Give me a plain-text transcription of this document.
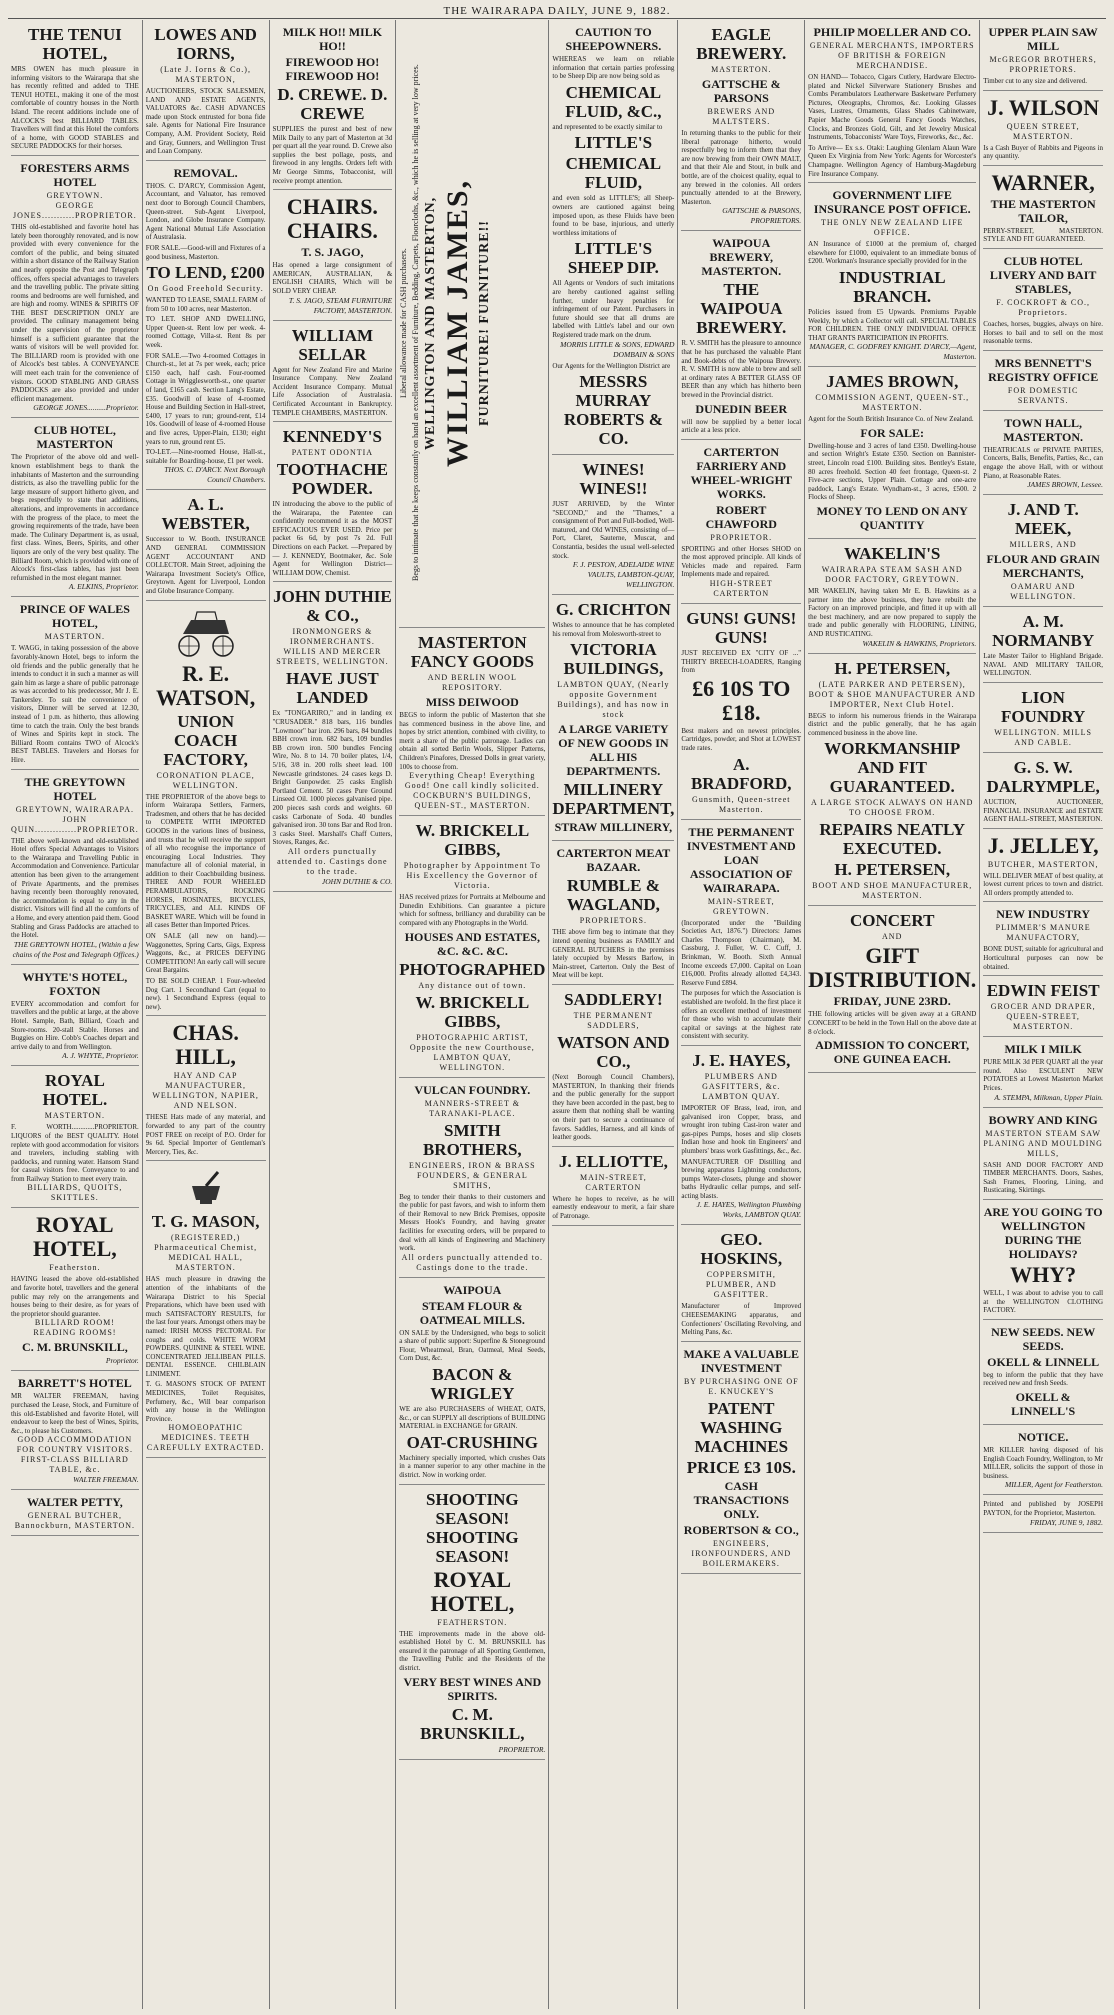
THE WAIRARAPA DAILY, JUNE 9, 1882.
THE TENUI HOTEL,
MRS OWEN has much pleasure in informing visitors to the Wairarapa that she has recently refitted and added to THE TENUI HOTEL, making it one of the most comfortable of country houses in the North Island. The recent additions include one of ALCOCK'S best BILLIARD TABLES. Travellers will find at this Hotel the comforts of a home, with GOOD STABLES and SECURE PADDOCKS for their horses.
FORESTERS ARMS HOTEL
GREYTOWN.
GEORGE JONES...........PROPRIETOR.
THIS old-established and favorite hotel has lately been thoroughly renovated, and is now provided with every convenience for the comfort of the public, and being situated within a short distance of the Railway Station and nearly opposite the Post and Telegraph offices, offers special advantages to travelers and the travelling public. The private sitting rooms and bedrooms are well furnished, and are high and roomy. WINES & SPIRITS OF THE BEST DESCRIPTION ONLY are provided. The culinary management being under the supervision of the proprietor himself is a sufficient guarantee that the wants of visitors will be well provided for. The BILLIARD room is provided with one of Alcock's best tables. A CONVEYANCE will meet each train for the convenience of visitors. GOOD STABLING AND GRASS PADDOCKS are also provided and under efficient management.
GEORGE JONES..........Proprietor.
CLUB HOTEL, MASTERTON
The Proprietor of the above old and well-known establishment begs to thank the inhabitants of Masterton and the surrounding districts, as also the travelling public for the large measure of support hitherto given, and begs respectfully to state that additions, alterations, and improvements in accordance with the progress of the place, to meet the growing requirements of the trade, have been made. The Culinary Department is, as usual, first class. Wines, Beers, Spirits, and other liquors are only of the very best quality. The Billiard Room, which is provided with one of Alcock's first-class tables, has just been refurnished in the most elegant manner.
A. ELKINS, Proprietor.
PRINCE OF WALES HOTEL,
MASTERTON.
T. WAGG, in taking possession of the above favorably-known Hotel, begs to inform the old friends and the public generally that he intends to conduct it in such a manner as will gain him as large a share of public patronage as was accorded to his predecessor, Mr J. E. Tankersley. To suit the convenience of visitors, Dinner will be served at 12.30, instead of 1 p.m. as hitherto, thus allowing time to catch the train. Only the best brands of Wines and Spirits kept in stock. The Billiard Room contains TWO of Alcock's BEST TABLES. Travelers and Horses for Hire.
THE GREYTOWN HOTEL
GREYTOWN, WAIRARAPA.
JOHN QUIN..............PROPRIETOR.
THE above well-known and old-established Hotel offers Special Advantages to Visitors to the Wairarapa and Travelling Public in Accommodation and Convenience. Particular attention has been given to the arrangement of Private Apartments, and the premises having recently been thoroughly renovated, the accommodation is equal to any in the district. Visitors will find all the comforts of a Home, and every attention paid them. Good Stabling and Grass Paddocks are attached to the Hotel.
THE GREYTOWN HOTEL, (Within a few chains of the Post and Telegraph Offices.)
WHYTE'S HOTEL, FOXTON
EVERY accommodation and comfort for travellers and the public at large, at the above Hotel. Sample, Bath, Billiard, Coach and Store-rooms. 20-stall Stable. Horses and Buggies on Hire. Cobb's Coaches depart and arrive daily to and from Wellington.
A. J. WHYTE, Proprietor.
ROYAL HOTEL.
MASTERTON.
F. WORTH.............PROPRIETOR. LIQUORS of the BEST QUALITY. Hotel replete with good accommodation for visitors and travelers, including stabling with paddocks, and running water. Hansom Stand for casual visitors free. Conveyance to and from Railway Station to meet every train.
BILLIARDS, QUOITS, SKITTLES.
ROYAL HOTEL,
Featherston.
HAVING leased the above old-established and favorite hotel, travellers and the general public may rely on the arrangements and houses being to their desire, as for years of the proprietor should guarantee.
BILLIARD ROOM!
READING ROOMS!
C. M. BRUNSKILL,
Proprietor.
BARRETT'S HOTEL
MR WALTER FREEMAN, having purchased the Lease, Stock, and Furniture of this old-Established and favorite Hotel, will endeavour to keep the best of Wines, Spirits, &c., to please his Customers.
GOOD ACCOMMODATION FOR COUNTRY VISITORS.
FIRST-CLASS BILLIARD TABLE, &c.
WALTER FREEMAN.
WALTER PETTY,
GENERAL BUTCHER, Bannockburn, MASTERTON.
LOWES AND IORNS,
(Late J. Iorns & Co.), MASTERTON,
AUCTIONEERS, STOCK SALESMEN, LAND AND ESTATE AGENTS, VALUATORS &c. CASH ADVANCES made upon Stock entrusted for bona fide sale. Agents for National Fire Insurance Company, A.M. Provident Society, Reid and Gray, Gunners, and Wellington Trust and Loan Company.
REMOVAL.
THOS. C. D'ARCY, Commission Agent, Accountant, and Valuator, has removed next door to Borough Council Chambers, Queen-street. Sub-Agent Liverpool, London, and Globe Insurance Company. Agent National Mutual Life Association of Australasia.
FOR SALE.—Good-will and Fixtures of a good business, Masterton.
TO LEND, £200
On Good Freehold Security.
WANTED TO LEASE, SMALL FARM of from 50 to 100 acres, near Masterton.
TO LET. SHOP AND DWELLING, Upper Queen-st. Rent low per week. 4-roomed Cottage, Villa-st. Rent 8s per week.
FOR SALE.—Two 4-roomed Cottages in Church-st., let at 7s per week, each; price £150 each, half cash. Four-roomed Cottage in Wrigglesworth-st., one quarter of land, £165 cash. Section Lang's Estate, £35. Goodwill of lease of 4-roomed House and Building Section in Hall-street, £400, 17 years to run; ground-rent, £14 10s. Goodwill of lease of 4-roomed House and five acres, Upper-Plain, £130; eight years to run, ground rent £5.
TO-LET.—Nine-roomed House, Hall-st., suitable for Boarding-house, £1 per week.
THOS. C. D'ARCY. Next Borough Council Chambers.
A. L. WEBSTER,
Successor to W. Booth. INSURANCE AND GENERAL COMMISSION AGENT ACCOUNTANT AND COLLECTOR. Main Street, adjoining the Wairarapa Investment Society's Office, Greytown. Agent for Liverpool, London and Globe Insurance Company.
R. E. WATSON,
UNION COACH FACTORY,
CORONATION PLACE, WELLINGTON.
THE PROPRIETOR of the above begs to inform Wairarapa Settlers, Farmers, Tradesmen, and others that he has decided to COMPETE WITH IMPORTED GOODS in the various lines of business, and trusts that he will receive the support of all who recognise the importance of encouraging Local Industries. They manufacture all of colonial material, in addition to their Coachbuilding business. THREE AND FOUR WHEELED PERAMBULATORS, ROCKING HORSES, ROSINATES, BICYCLES, TRICYCLES, and ALL KINDS OF BASKET WARE. Which will be found in all cases Better than Imported Prices.
ON SALE (all new on hand).—Waggonettes, Spring Carts, Gigs, Express Waggons, &c., at PRICES DEFYING COMPETITION! An early call will secure Great Bargains.
TO BE SOLD CHEAP. 1 Four-wheeled Dog Cart. 1 Secondhand Cart (equal to new). 1 Secondhand Express (equal to new).
CHAS. HILL,
HAY AND CAP MANUFACTURER, WELLINGTON, NAPIER, AND NELSON.
THESE Hats made of any material, and forwarded to any part of the country POST FREE on receipt of P.O. Order for 9s 6d. Special Importer of Gentleman's Mercery, Ties, &c.
T. G. MASON,
(REGISTERED,) Pharmaceutical Chemist, MEDICAL HALL, MASTERTON.
HAS much pleasure in drawing the attention of the inhabitants of the Wairarapa District to his Special Preparations, which have been used with much SATISFACTORY RESULTS, for the last four years. Amongst others may be named: IRISH MOSS PECTORAL For coughs and colds. WHITE WORM POWDERS. QUININE & STEEL WINE. CONCENTRATED JELLIBEAN PILLS. DENTAL ESSENCE. CHILBLAIN LINIMENT.
T. G. MASON'S STOCK OF PATENT MEDICINES, Toilet Requisites, Perfumery, &c., Will bear comparison with any house in the Wellington Province.
HOMOEOPATHIC MEDICINES. TEETH CAREFULLY EXTRACTED.
MILK HO!! MILK HO!!
FIREWOOD HO! FIREWOOD HO!
D. CREWE. D. CREWE
SUPPLIES the purest and best of new Milk Daily to any part of Masterton at 3d per quart all the year round. D. Crewe also supplies the best pollage, posts, and firewood in any lengths. Orders left with Mr George Simms, Tobacconist, will receive prompt attention.
CHAIRS. CHAIRS.
T. S. JAGO,
Has opened a large consignment of AMERICAN, AUSTRALIAN, & ENGLISH CHAIRS, Which will be SOLD VERY CHEAP.
T. S. JAGO, STEAM FURNITURE FACTORY, MASTERTON.
WILLIAM SELLAR
Agent for New Zealand Fire and Marine Insurance Company. New Zealand Accident Insurance Company. Mutual Life Association of Australasia. Certificated Accountant in Bankruptcy. TEMPLE CHAMBERS, MASTERTON.
KENNEDY'S
PATENT ODONTIA
TOOTHACHE POWDER.
IN introducing the above to the public of the Wairarapa, the Patentee can confidently recommend it as the MOST EFFICACIOUS EVER USED. Price per packet 6s 6d, by post 7s 2d. Full Directions on each Packet. —Prepared by— J. KENNEDY, Bootmaker, &c. Sole Agent for Wellington District— WILLIAM DOW, Chemist.
JOHN DUTHIE & CO.,
IRONMONGERS & IRONMERCHANTS. WILLIS AND MERCER STREETS, WELLINGTON.
HAVE JUST LANDED
Ex "TONGARIRO," and in landing ex "CRUSADER." 818 bars, 116 bundles "Lowmoor" bar iron. 296 bars, 84 bundles BBH crown iron. 682 bars, 109 bundles BB crown iron. 500 bundles Fencing Wire, No. 8 to 14. 70 boiler plates, 1/4, 5/16, 3/8 in. 200 rolls sheet lead. 100 Newcastle grindstones. 24 cases kegs D. Bright Gunpowder. 25 casks English Portland Cement. 50 cases Pure Ground Linseed Oil. 1000 pieces galvanised pipe. 200 pieces sash cords and weights. 60 casks Carbonate of Soda. 40 bundles galvanised iron. 30 tons Bar and Rod Iron. 3 casks Steel. Marshall's Chaff Cutters, Stoves, Ranges, &c.
All orders punctually attended to. Castings done to the trade.
JOHN DUTHIE & CO.
Liberal allowance made for CASH purchasers. Begs to intimate that he keeps constantly on hand an excellent assortment of Furniture, Bedding, Carpets, Floorcloths, &c., which he is selling at very low prices. WELLINGTON AND MASTERTON, WILLIAM JAMES, FURNITURE! FURNITURE!!
MASTERTON FANCY GOODS
AND BERLIN WOOL REPOSITORY.
MISS DEIWOOD
BEGS to inform the public of Masterton that she has commenced business in the above line, and hopes by strict attention, combined with civility, to merit a share of the public patronage. Ladies can obtain all sorted Berlin Wools, Slipper Patterns, Children's Pinafores, Dressed Dolls in great variety, 100s to choose from.
Everything Cheap! Everything Good! One call kindly solicited. COCKBURN'S BUILDINGS, QUEEN-ST., MASTERTON.
W. BRICKELL GIBBS,
Photographer by Appointment To His Excellency the Governor of Victoria.
HAS received prizes for Portraits at Melbourne and Dunedin Exhibitions. Can guarantee a picture which for softness, brilliancy and durability can be compared with any Photographs in the World.
HOUSES AND ESTATES, &C. &C. &C.
PHOTOGRAPHED
Any distance out of town.
W. BRICKELL GIBBS,
PHOTOGRAPHIC ARTIST, Opposite the new Courthouse, LAMBTON QUAY, WELLINGTON.
VULCAN FOUNDRY.
MANNERS-STREET & TARANAKI-PLACE.
SMITH BROTHERS,
ENGINEERS, IRON & BRASS FOUNDERS, & GENERAL SMITHS,
Beg to tender their thanks to their customers and the public for past favors, and wish to inform them of their Removal to new Brick Premises, opposite Messrs Hook's Foundry, and having greater facilities for executing orders, will be prepared to deal with all kinds of Engineering and Machinery work.
All orders punctually attended to. Castings done to the trade.
WAIPOUA
STEAM FLOUR & OATMEAL MILLS.
ON SALE by the Undersigned, who begs to solicit a share of public support: Superfine & Stoneground Flour, Wheatmeal, Bran, Oatmeal, Meal Seeds, Corn Dust, &c.
BACON & WRIGLEY
WE are also PURCHASERS of WHEAT, OATS, &c., or can SUPPLY all descriptions of BUILDING MATERIAL in EXCHANGE for GRAIN.
OAT-CRUSHING
Machinery specially imported, which crushes Oats in a manner superior to any other machine in the district. Now in working order.
SHOOTING SEASON! SHOOTING SEASON!
ROYAL HOTEL,
FEATHERSTON.
THE improvements made in the above old-established Hotel by C. M. BRUNSKILL has ensured it the patronage of all Sporting Gentlemen, the Travelling Public and the Residents of the district.
VERY BEST WINES AND SPIRITS.
C. M. BRUNSKILL,
PROPRIETOR.
CAUTION TO SHEEPOWNERS.
WHEREAS we learn on reliable information that certain parties professing to be Sheep Dip are now being sold as
CHEMICAL FLUID, &C.,
and represented to be exactly similar to
LITTLE'S
CHEMICAL FLUID,
and even sold as LITTLE'S; all Sheep-owners are cautioned against being imposed upon, as these Fluids have been found to be base, injurious, and utterly worthless imitations of
LITTLE'S SHEEP DIP.
All Agents or Vendors of such imitations are hereby cautioned against selling further, under heavy penalties for infringement of our Patent. Purchasers in future should see that all drums are labelled with Little's label and our own Registered trade mark on the drum.
MORRIS LITTLE & SONS, EDWARD DOMBAIN & SONS
Our Agents for the Wellington District are
MESSRS MURRAY ROBERTS & CO.
WINES! WINES!!
JUST ARRIVED, by the Winter "SECOND," and the "Thames," a consignment of Port and Full-bodied, Well-matured, and Old WINES, consisting of—Port, Claret, Sauterne, Muscat, and Constantia, besides the usual well-selected stock.
F. J. PESTON, ADELAIDE WINE VAULTS, LAMBTON-QUAY, WELLINGTON.
G. CRICHTON
Wishes to announce that he has completed his removal from Molesworth-street to
VICTORIA BUILDINGS,
LAMBTON QUAY, (Nearly opposite Government Buildings), and has now in stock
A LARGE VARIETY OF NEW GOODS IN ALL HIS DEPARTMENTS.
MILLINERY DEPARTMENT,
STRAW MILLINERY,
CARTERTON MEAT BAZAAR.
RUMBLE & WAGLAND,
PROPRIETORS.
THE above firm beg to intimate that they intend opening business as FAMILY and GENERAL BUTCHERS in the premises lately occupied by Messrs Barlow, in Main-street, Carterton. Only the Best of Meat will be kept.
SADDLERY!
THE PERMANENT SADDLERS,
WATSON AND CO.,
(Next Borough Council Chambers), MASTERTON, In thanking their friends and the public generally for the support they have been accorded in the past, beg to assure them that nothing shall be wanting on their part to secure a continuance of favors. Saddles, Harness, and all kinds of leather goods.
J. ELLIOTTE,
MAIN-STREET, CARTERTON
Where he hopes to receive, as he will earnestly endeavour to merit, a fair share of Patronage.
EAGLE BREWERY.
MASTERTON.
GATTSCHE & PARSONS
BREWERS AND MALTSTERS.
In returning thanks to the public for their liberal patronage hitherto, would respectfully beg to inform them that they are now brewing from their OWN MALT, and that their Ale and Stout, in bulk and bottle, are of the choicest quality, equal to any brewed in the colonies. All orders punctually attended to at the Brewery, Masterton.
GATTSCHE & PARSONS, PROPRIETORS.
WAIPOUA BREWERY, MASTERTON.
THE WAIPOUA BREWERY.
R. V. SMITH has the pleasure to announce that he has purchased the valuable Plant and Book-debts of the Waipoua Brewery. R. V. SMITH is now able to brew and sell at ordinary rates A BETTER GLASS OF BEER than any which has hitherto been brewed in the Provincial district.
DUNEDIN BEER
will now be supplied by a better local article at a less price.
CARTERTON FARRIERY AND WHEEL-WRIGHT WORKS.
ROBERT CHAWFORD
PROPRIETOR.
SPORTING and other Horses SHOD on the most approved principle. All kinds of Vehicles made and repaired. Farm Implements made and repaired.
HIGH-STREET CARTERTON
GUNS! GUNS! GUNS!
JUST RECEIVED EX "CITY OF ..." THIRTY BREECH-LOADERS, Ranging from
£6 10S TO £18.
Best makers and on newest principles. Cartridges, powder, and Shot at LOWEST trade rates.
A. BRADFORD,
Gunsmith, Queen-street Masterton.
THE PERMANENT INVESTMENT AND LOAN ASSOCIATION OF WAIRARAPA.
MAIN-STREET, GREYTOWN.
(Incorporated under the "Building Societies Act, 1876.") Directors: James Charles Thompson (Chairman), M. Cassburg, J. Fuller, W. C. Cuff, J. Brinkman, W. Booth. Sixth Annual Income exceeds £7,000. Capital on Loan £16,000. Profits already allotted £4,343. Reserve Fund £894.
The purposes for which the Association is established are twofold. In the first place it offers an excellent method of investment for those who wish to accumulate their capital or savings at the highest rate consistent with security.
J. E. HAYES,
PLUMBERS AND GASFITTERS, &c. LAMBTON QUAY.
IMPORTER OF Brass, lead, iron, and galvanised iron Copper, brass, and wrought iron tubing Cast-iron water and gas-pipes Pumps, hoses and slip closets Indian hose and hook tin Engineers' and plumbers' brass work Gasfittings, &c., &c.
MANUFACTURER OF Distilling and brewing apparatus Lightning conductors, pumps Water-closets, plunge and shower baths Hydraulic cellar pumps, and self-acting blasts.
J. E. HAYES, Wellington Plumbing Works, LAMBTON QUAY.
GEO. HOSKINS,
COPPERSMITH, PLUMBER, AND GASFITTER.
Manufacturer of Improved CHEESEMAKING apparatus, and Confectioners' Oscillating Revolving, and Melting Pans, &c.
MAKE A VALUABLE INVESTMENT
BY PURCHASING ONE OF E. KNUCKEY'S
PATENT WASHING MACHINES
PRICE £3 10S.
CASH TRANSACTIONS ONLY.
ROBERTSON & CO.,
ENGINEERS, IRONFOUNDERS, AND BOILERMAKERS.
PHILIP MOELLER AND CO.
GENERAL MERCHANTS, IMPORTERS OF BRITISH & FOREIGN MERCHANDISE.
ON HAND— Tobacco, Cigars Cutlery, Hardware Electro-plated and Nickel Silverware Stationery Brushes and Combs Perambulators Leatherware Basketware Perfumery Pictures, Oleographs, Chromos, &c. Looking Glasses Vases, Lustres, Ornaments, Glass Shades Cabinetware, Papier Mache Goods General Fancy Goods Watches, Clocks, and Bronzes Gold, Gilt, and Jet Jewelry Musical Instruments, Tobacconists' Ware Toys, Fireworks, &c., &c.
To Arrive— Ex s.s. Otaki: Laughing Glenlarn Alaun Ware Queen Ex Virginia from New York: Agents for Worcester's Champagne. Wellington Agency of Hamburg-Magdeburg Fire Insurance Company.
GOVERNMENT LIFE INSURANCE POST OFFICE.
THE ONLY NEW ZEALAND LIFE OFFICE.
AN Insurance of £1000 at the premium of, charged elsewhere for £1000, equivalent to an immediate bonus of £200. Workman's Insurance specially provided for in the
INDUSTRIAL BRANCH.
Policies issued from £5 Upwards. Premiums Payable Weekly, by which a Collector will call. SPECIAL TABLES FOR CHILDREN. THE ONLY INDIVIDUAL OFFICE THAT GRANTS PARTICIPATION IN PROFITS.
MANAGER, C. GODFREY KNIGHT. D'ARCY,—Agent, Masterton.
JAMES BROWN,
COMMISSION AGENT, QUEEN-ST., MASTERTON.
Agent for the South British Insurance Co. of New Zealand.
FOR SALE:
Dwelling-house and 3 acres of land £350. Dwelling-house and section Wright's Estate £350. Section on Bannister-street, Lincoln road £100. Building sites. Bentley's Estate, 80 acres freehold. Section 40 feet frontage, Queen-st. 2 Five-acre sections, Upper Plain. Cottage and one-acre paddock, Lang's Estate. Wyndham-st., 3 acres, £500. 2 Flocks of Sheep.
MONEY TO LEND ON ANY QUANTITY
WAKELIN'S
WAIRARAPA STEAM SASH AND DOOR FACTORY, GREYTOWN.
MR WAKELIN, having taken Mr E. B. Hawkins as a partner into the above business, they have rebuilt the Factory on an improved principle, and fitted it up with all the best machinery, and are now prepared to supply the trade and public generally with FLOORING, LINING, AND RUSTICATING.
WAKELIN & HAWKINS, Proprietors.
H. PETERSEN,
(LATE PARKER AND PETERSEN), BOOT & SHOE MANUFACTURER AND IMPORTER, Next Club Hotel.
BEGS to inform his numerous friends in the Wairarapa district and the public generally, that he has again commenced business in the above line.
WORKMANSHIP AND FIT GUARANTEED.
A LARGE STOCK ALWAYS ON HAND TO CHOOSE FROM.
REPAIRS NEATLY EXECUTED.
H. PETERSEN,
BOOT AND SHOE MANUFACTURER, MASTERTON.
CONCERT
AND
GIFT DISTRIBUTION.
FRIDAY, JUNE 23RD.
THE following articles will be given away at a GRAND CONCERT to be held in the Town Hall on the above date at 8 o'clock.
ADMISSION TO CONCERT, ONE GUINEA EACH.
UPPER PLAIN SAW MILL
McGREGOR BROTHERS, PROPRIETORS.
Timber cut to any size and delivered.
J. WILSON
QUEEN STREET, MASTERTON.
Is a Cash Buyer of Rabbits and Pigeons in any quantity.
WARNER,
THE MASTERTON TAILOR,
PERRY-STREET, MASTERTON. STYLE AND FIT GUARANTEED.
CLUB HOTEL LIVERY AND BAIT STABLES,
F. COCKROFT & CO., Proprietors.
Coaches, horses, buggies, always on hire. Horses to bail and to sell on the most reasonable terms.
MRS BENNETT'S REGISTRY OFFICE
FOR DOMESTIC SERVANTS.
TOWN HALL, MASTERTON.
THEATRICALS or PRIVATE PARTIES, Concerts, Balls, Benefits, Parties, &c., can engage the above Hall, with or without Piano, at Reasonable Rates.
JAMES BROWN, Lessee.
J. AND T. MEEK,
MILLERS, AND
FLOUR AND GRAIN MERCHANTS,
OAMARU AND WELLINGTON.
A. M. NORMANBY
Late Master Tailor to Highland Brigade. NAVAL AND MILITARY TAILOR, WELLINGTON.
LION FOUNDRY
WELLINGTON. MILLS AND CABLE.
G. S. W. DALRYMPLE,
AUCTION, AUCTIONEER, FINANCIAL INSURANCE and ESTATE AGENT HALL-STREET, MASTERTON.
J. JELLEY,
BUTCHER, MASTERTON,
WILL DELIVER MEAT of best quality, at lowest current prices to town and district. All orders promptly attended to.
NEW INDUSTRY
PLIMMER'S MANURE MANUFACTORY,
BONE DUST, suitable for agricultural and Horticultural purposes can now be obtained.
EDWIN FEIST
GROCER AND DRAPER, QUEEN-STREET, MASTERTON.
MILK I MILK
PURE MILK 3d PER QUART all the year round. Also ESCULENT NEW POTATOES at Lowest Masterton Market Prices.
A. STEMPA, Milkman, Upper Plain.
BOWRY AND KING
MASTERTON STEAM SAW PLANING AND MOULDING MILLS,
SASH AND DOOR FACTORY AND TIMBER MERCHANTS. Doors, Sashes, Sash Frames, Flooring, Lining, and Rusticating, Skirtings.
ARE YOU GOING TO WELLINGTON DURING THE HOLIDAYS?
WHY?
WELL, I was about to advise you to call at the WELLINGTON CLOTHING FACTORY.
NEW SEEDS. NEW SEEDS.
OKELL & LINNELL
beg to inform the public that they have received new and fresh Seeds.
OKELL & LINNELL'S
NOTICE.
MR KILLER having disposed of his English Coach Foundry, Wellington, to Mr MILLER, solicits the support of those in business.
MILLER, Agent for Featherston.
Printed and published by JOSEPH PAYTON, for the Proprietor, Masterton.
FRIDAY, JUNE 9, 1882.
